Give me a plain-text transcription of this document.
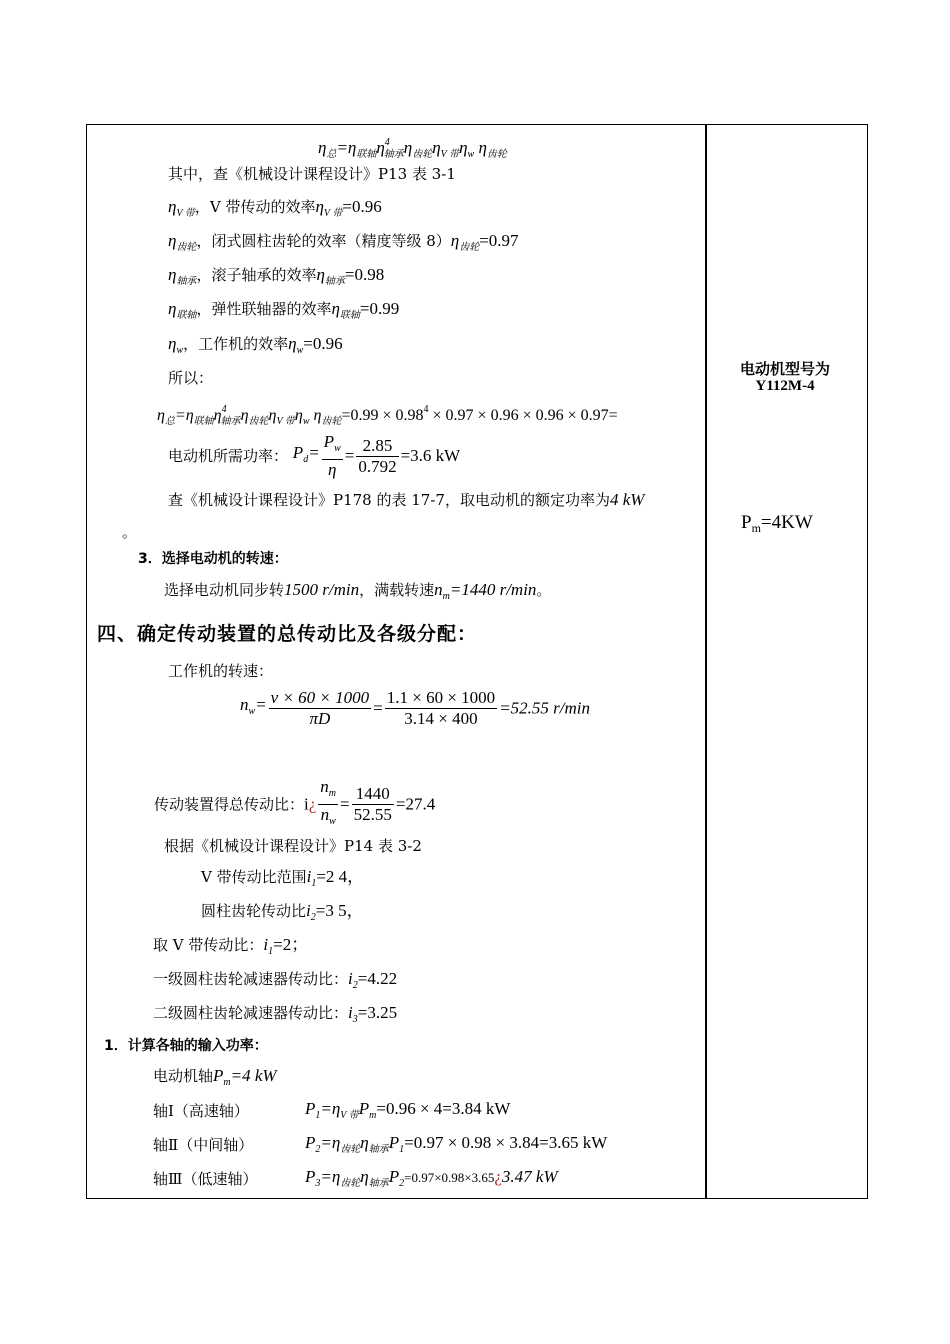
电动机型号为
Y112M-4
$P_m=4KW$
$\eta_总=\eta_{联轴}\eta^4_{轴承}\eta_{齿轮}\eta_{V 带}\eta_w$ $\eta_{齿轮}$
其中，查《机械设计课程设计》P13 表 3-1
$\eta_{V 带}$，V 带传动的效率$\eta_{V 带}=0.96$
$\eta_{齿轮}$，闭式圆柱齿轮的效率（精度等级 $8)\eta_{齿轮}=0.97$
$\eta_{轴承}$，滚子轴承的效率$\eta_{轴承}=0.98$
$\eta_{联轴}$，弹性联轴器的效率$\eta_{联轴}=0.99$
$\eta_w$，工作机的效率$\eta_w=0.96$
所以：
$\eta_总=\eta_{联轴}\eta^4_{轴承}\eta_{齿轮}\eta_{V 带}\eta_w$ $\eta_{齿轮}=0.99 \times 0.98^4 \times 0.97 \times 0.96 \times 0.96 \times 0.97=$
电动机所需功率： $P_d= \frac{P_w}{\eta} = \frac{2.85}{0.792} =3.6$ kW
查《机械设计课程设计》P178 的表 17-7，取电动机的额定功率为4 kW
。
3．选择电动机的转速：
选择电动机同步转1500 r/min，满载转速$n_m=1440$ r/min。
四、确定传动装置的总传动比及各级分配：
工作机的转速：
$n_w= \frac{v \times 60 \times 1000}{\pi D} = \frac{1.1 \times 60 \times 1000}{3.14 \times 400} =52.55$ r/min
传动装置得总传动比：i¿ $\frac{n_m}{n_w} = \frac{1440}{52.55} =27.4$
根据《机械设计课程设计》P14 表 3-2
V 带传动比范围$i_1=2$ 4，
圆柱齿轮传动比$i_2=3$ 5，
取 V 带传动比：$i_1=2$；
一级圆柱齿轮减速器传动比：$i_2=4.22$
二级圆柱齿轮减速器传动比：$i_3=3.25$
1．计算各轴的输入功率：
电动机轴$P_m=4$ kW
轴Ⅰ（高速轴）	$P_1=\eta_{V 带}P_m=0.96 \times 4=3.84$ kW
轴Ⅱ（中间轴）	$P_2=\eta_{齿轮}\eta_{轴承}P_1=0.97 \times 0.98 \times 3.84=3.65$ kW
轴Ⅲ（低速轴）	$P_3=\eta_{齿轮}\eta_{轴承}P_2=0.97\times 0.98\times 3.65¿3.47$ kW
